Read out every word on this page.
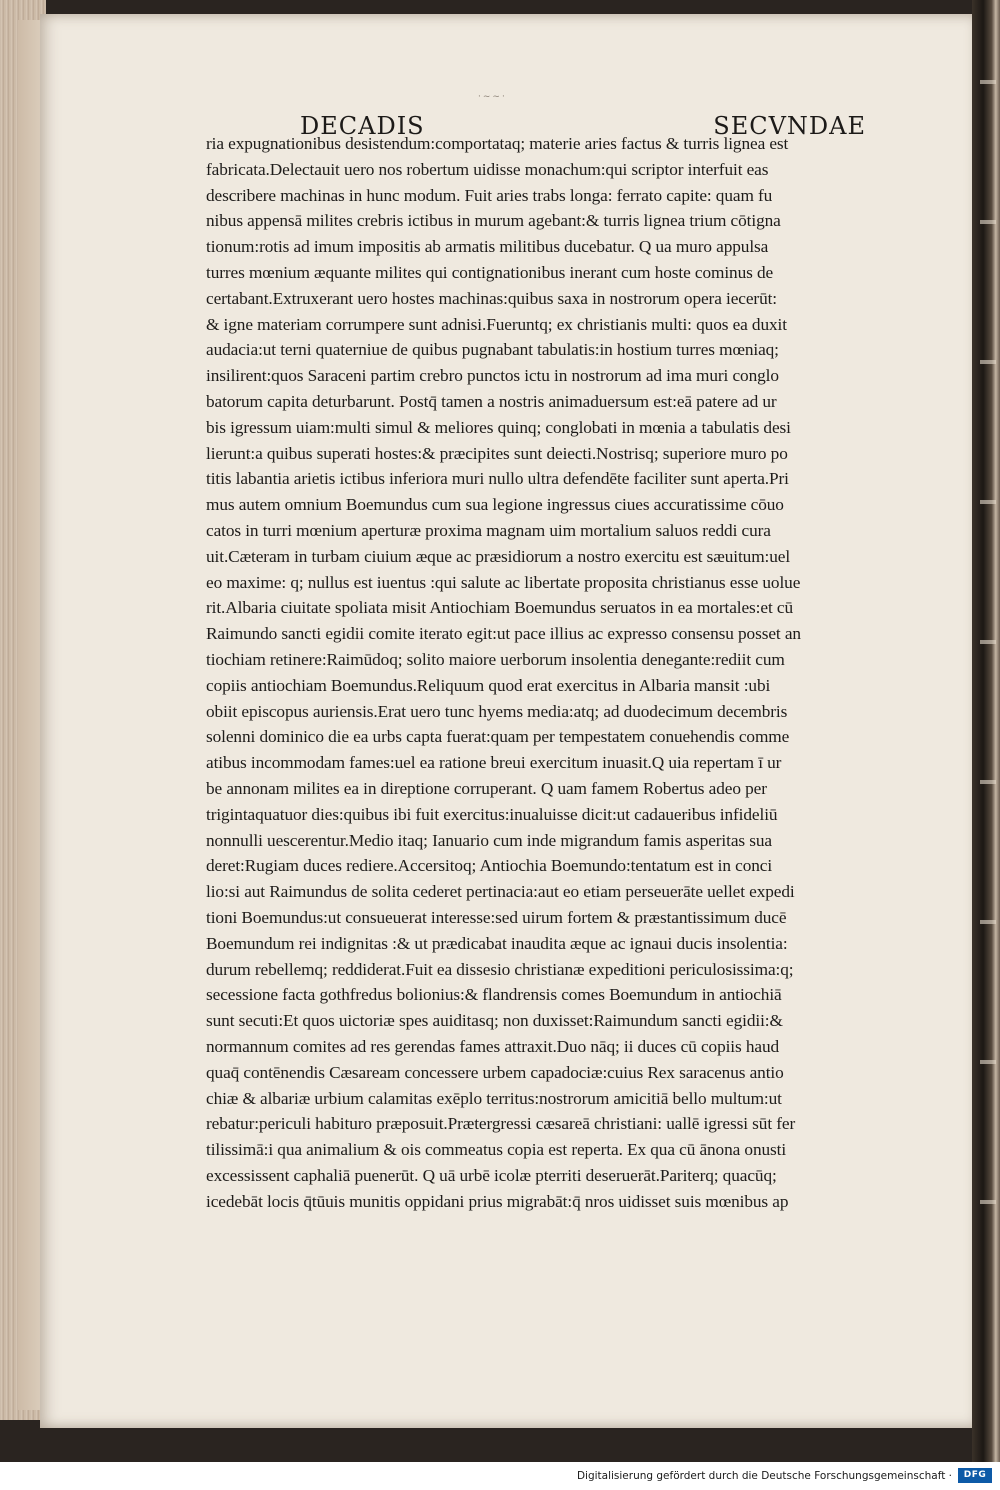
·~~·
DECADIS	SECVNDAE
ria expugnationibus desistendum:comportataq; materie aries factus & turris lignea est
fabricata.Delectauit uero nos robertum uidisse monachum:qui scriptor interfuit eas
describere machinas in hunc modum. Fuit aries trabs longa: ferrato capite: quam fu
nibus appensā milites crebris ictibus in murum agebant:& turris lignea trium cōtigna
tionum:rotis ad imum impositis ab armatis militibus ducebatur. Q ua muro appulsa
turres mœnium æquante milites qui contignationibus inerant cum hoste cominus de
certabant.Extruxerant uero hostes machinas:quibus saxa in nostrorum opera iecerūt:
& igne materiam corrumpere sunt adnisi.Fueruntq; ex christianis multi: quos ea duxit
audacia:ut terni quaterniue de quibus pugnabant tabulatis:in hostium turres mœniaq;
insilirent:quos Saraceni partim crebro punctos ictu in nostrorum ad ima muri conglo
batorum capita deturbarunt. Postq̄ tamen a nostris animaduersum est:eā patere ad ur
bis igressum uiam:multi simul & meliores quinq; conglobati in mœnia a tabulatis desi
lierunt:a quibus superati hostes:& præcipites sunt deiecti.Nostrisq; superiore muro po
titis labantia arietis ictibus inferiora muri nullo ultra defendēte faciliter sunt aperta.Pri
mus autem omnium Boemundus cum sua legione ingressus ciues accuratissime cōuo
catos in turri mœnium aperturæ proxima magnam uim mortalium saluos reddi cura
uit.Cæteram in turbam ciuium æque ac præsidiorum a nostro exercitu est sæuitum:uel
eo maxime: q; nullus est iuentus :qui salute ac libertate proposita christianus esse uolue
rit.Albaria ciuitate spoliata misit Antiochiam Boemundus seruatos in ea mortales:et cū
Raimundo sancti egidii comite iterato egit:ut pace illius ac expresso consensu posset an
tiochiam retinere:Raimūdoq; solito maiore uerborum insolentia denegante:rediit cum
copiis antiochiam Boemundus.Reliquum quod erat exercitus in Albaria mansit :ubi
obiit episcopus auriensis.Erat uero tunc hyems media:atq; ad duodecimum decembris
solenni dominico die ea urbs capta fuerat:quam per tempestatem conuehendis comme
atibus incommodam fames:uel ea ratione breui exercitum inuasit.Q uia repertam ī ur
be annonam milites ea in direptione corruperant. Q uam famem Robertus adeo per
trigintaquatuor dies:quibus ibi fuit exercitus:inualuisse dicit:ut cadaueribus infideliū
nonnulli uescerentur.Medio itaq; Ianuario cum inde migrandum famis asperitas sua
deret:Rugiam duces rediere.Accersitoq; Antiochia Boemundo:tentatum est in conci
lio:si aut Raimundus de solita cederet pertinacia:aut eo etiam perseuerāte uellet expedi
tioni Boemundus:ut consueuerat interesse:sed uirum fortem & præstantissimum ducē
Boemundum rei indignitas :& ut prædicabat inaudita æque ac ignaui ducis insolentia:
durum rebellemq; reddiderat.Fuit ea dissesio christianæ expeditioni periculosissima:q;
secessione facta gothfredus bolionius:& flandrensis comes Boemundum in antiochiā
sunt secuti:Et quos uictoriæ spes auiditasq; non duxisset:Raimundum sancti egidii:&
normannum comites ad res gerendas fames attraxit.Duo nāq; ii duces cū copiis haud
quaq̄ contēnendis Cæsaream concessere urbem capadociæ:cuius Rex saracenus antio
chiæ & albariæ urbium calamitas exēplo territus:nostrorum amicitiā bello multum:ut
rebatur:periculi habituro præposuit.Prætergressi cæsareā christiani: uallē igressi sūt fer
tilissimā:i qua animalium & ois commeatus copia est reperta. Ex qua cū ānona onusti
excessissent caphaliā puenerūt. Q uā urbē icolæ pterriti deseruerāt.Pariterq; quacūq;
icedebāt locis q̄tūuis munitis oppidani prius migrabāt:q̄ nros uidisset suis mœnibus ap
Digitalisierung gefördert durch die Deutsche Forschungsgemeinschaft ·	DFG
